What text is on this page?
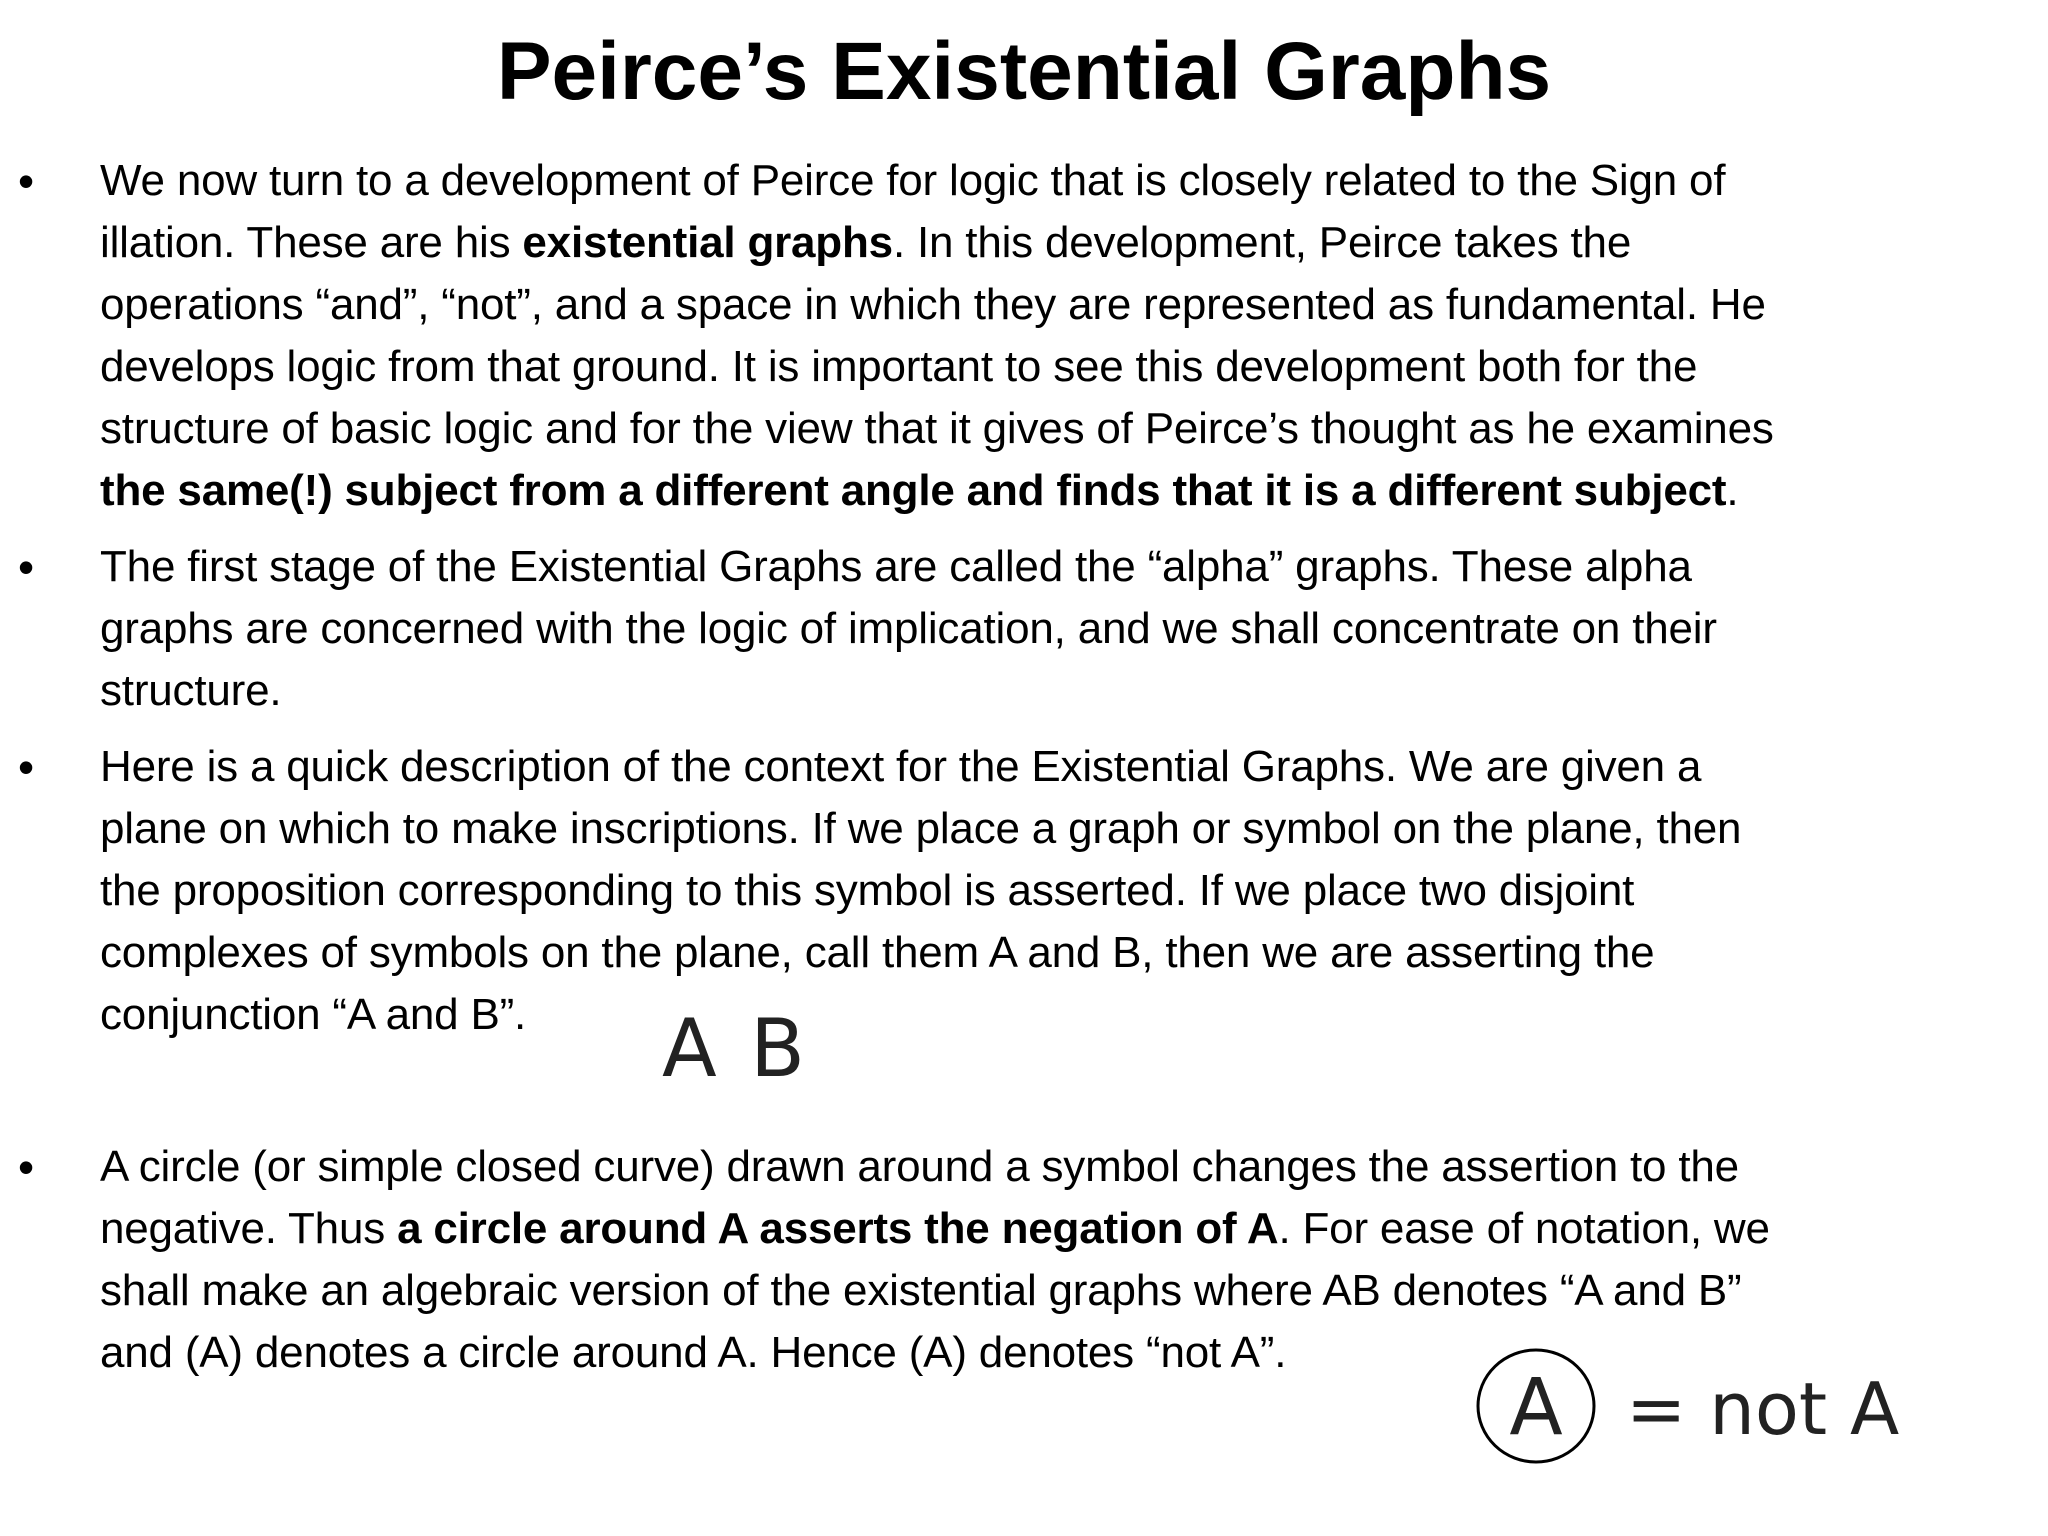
Peirce’s Existential Graphs
• We now turn to a development of Peirce for logic that is closely related to the Sign of
illation. These are his existential graphs. In this development, Peirce takes the
operations “and”, “not”, and a space in which they are represented as fundamental. He
develops logic from that ground. It is important to see this development both for the
structure of basic logic and for the view that it gives of Peirce’s thought as he examines
the same(!) subject from a different angle and finds that it is a different subject.
• The first stage of the Existential Graphs are called the “alpha” graphs. These alpha
graphs are concerned with the logic of implication, and we shall concentrate on their
structure.
• Here is a quick description of the context for the Existential Graphs. We are given a
plane on which to make inscriptions. If we place a graph or symbol on the plane, then
the proposition corresponding to this symbol is asserted. If we place two disjoint
complexes of symbols on the plane, call them A and B, then we are asserting the
conjunction “A and B”.	A B
• A circle (or simple closed curve) drawn around a symbol changes the assertion to the
negative. Thus a circle around A asserts the negation of A. For ease of notation, we
shall make an algebraic version of the existential graphs where AB denotes “A and B”
and (A) denotes a circle around A. Hence (A) denotes “not A”.
A = not A
